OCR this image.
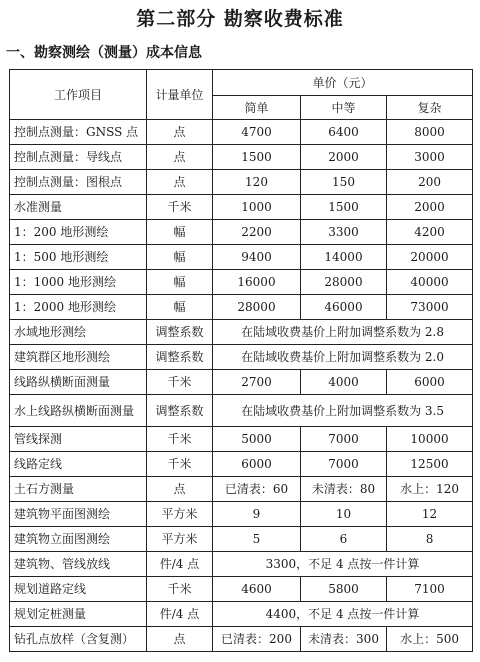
第二部分 勘察收费标准
一、勘察测绘（测量）成本信息
工作项目	计量单位	单价（元）		
		简单	中等	复杂
控制点测量：GNSS 点	点	4700	6400	8000
控制点测量：导线点	点	1500	2000	3000
控制点测量：图根点	点	120	150	200
水准测量	千米	1000	1500	2000
1：200 地形测绘	幅	2200	3300	4200
1：500 地形测绘	幅	9400	14000	20000
1：1000 地形测绘	幅	16000	28000	40000
1：2000 地形测绘	幅	28000	46000	73000
水域地形测绘	调整系数	在陆域收费基价上附加调整系数为 2.8		
建筑群区地形测绘	调整系数	在陆域收费基价上附加调整系数为 2.0		
线路纵横断面测量	千米	2700	4000	6000
水上线路纵横断面测量	调整系数	在陆域收费基价上附加调整系数为 3.5		
管线探测	千米	5000	7000	10000
线路定线	千米	6000	7000	12500
土石方测量	点	已清表：60	未清表：80	水上：120
建筑物平面图测绘	平方米	9	10	12
建筑物立面图测绘	平方米	5	6	8
建筑物、管线放线	件/4 点	3300，不足 4 点按一件计算		
规划道路定线	千米	4600	5800	7100
规划定桩测量	件/4 点	4400，不足 4 点按一件计算		
钻孔点放样（含复测）	点	已清表：200	未清表：300	水上：500
